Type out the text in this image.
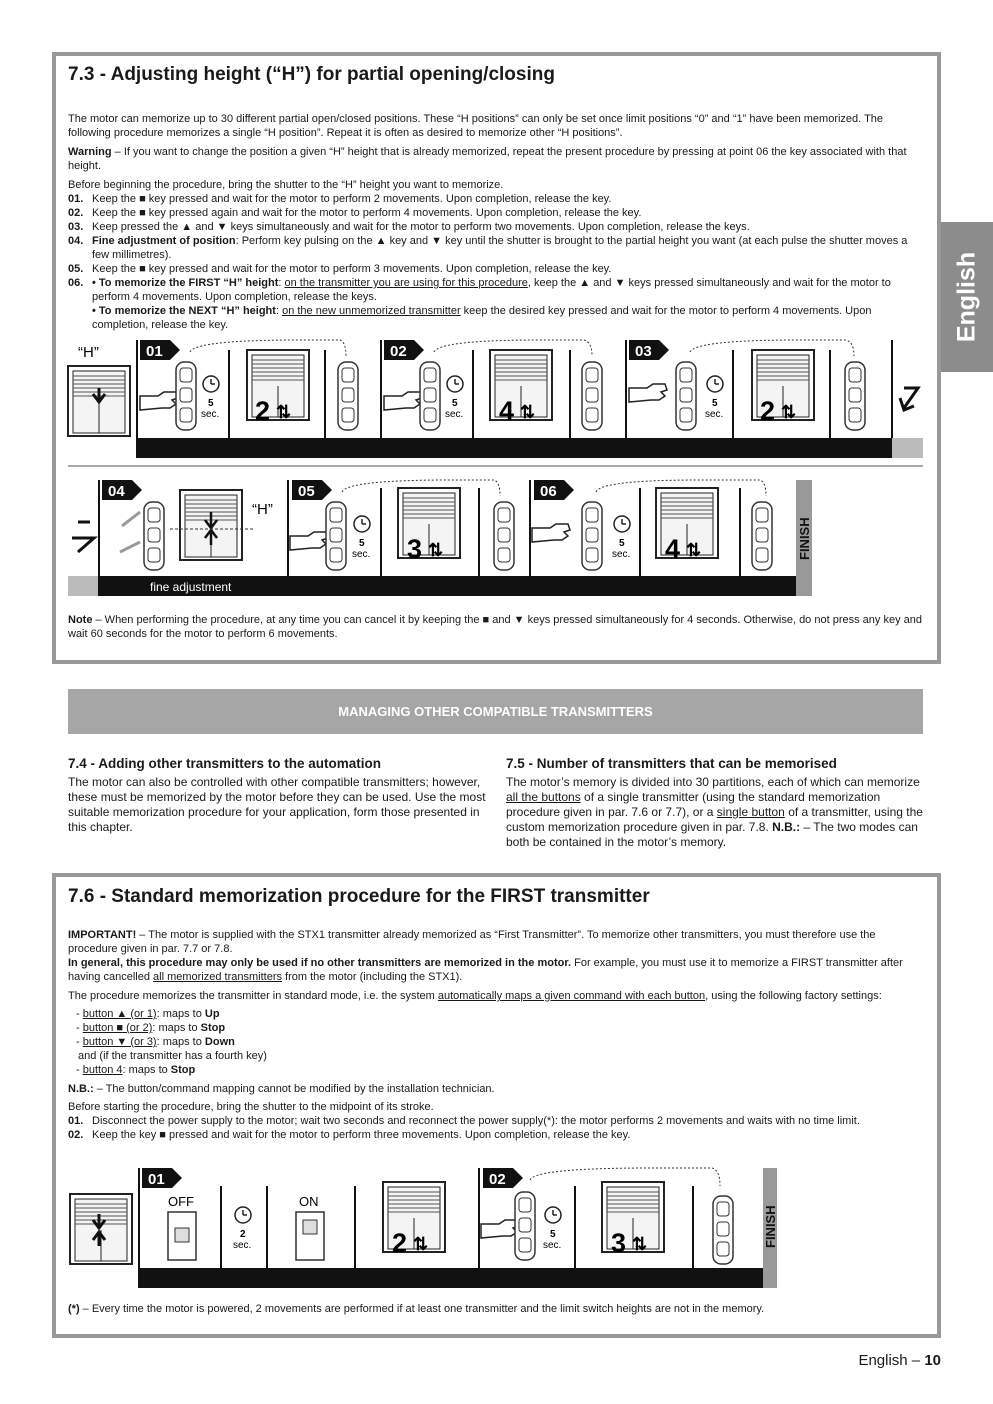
English
7.3 - Adjusting height (“H”) for partial opening/closing

The motor can memorize up to 30 different partial open/closed positions. These “H positions” can only be set once limit positions “0” and “1” have been memorized. The following procedure memorizes a single “H position”. Repeat it is often as desired to memorize other “H positions”.

Warning – If you want to change the position a given “H” height that is already memorized, repeat the present procedure by pressing at point 06 the key associated with that height.

Before beginning the procedure, bring the shutter to the “H” height you want to memorize.

01. Keep the ■ key pressed and wait for the motor to perform 2 movements. Upon completion, release the key.
02. Keep the ■ key pressed again and wait for the motor to perform 4 movements. Upon completion, release the key.
03. Keep pressed the ▲ and ▼ keys simultaneously and wait for the motor to perform two movements. Upon completion, release the keys.
04. Fine adjustment of position: Perform key pulsing on the ▲ key and ▼ key until the shutter is brought to the partial height you want (at each pulse the shutter moves a few millimetres).
05. Keep the ■ key pressed and wait for the motor to perform 3 movements. Upon completion, release the key.
06. • To memorize the FIRST “H” height: on the transmitter you are using for this procedure, keep the ▲ and ▼ keys pressed simultaneously and wait for the motor to perform 4 movements. Upon completion, release the keys.
• To memorize the NEXT “H” height: on the new unmemorized transmitter keep the desired key pressed and wait for the motor to perform 4 movements. Upon completion, release the key.
“H”	01
5
sec. 2 ⇅
02
5
sec. 4 ⇅
03
5
sec. 2 ⇅
fine adjustment
04
“H”
05
5
sec. 3 ⇅
06
5
sec. 4 ⇅	FINISH

Note – When performing the procedure, at any time you can cancel it by keeping the ■ and ▼ keys pressed simultaneously for 4 seconds. Otherwise, do not press any key and wait 60 seconds for the motor to perform 6 movements.

MANAGING OTHER COMPATIBLE TRANSMITTERS
7.4 - Adding other transmitters to the automation

The motor can also be controlled with other compatible transmitters; however, these must be memorized by the motor before they can be used. Use the most suitable memorization procedure for your application, form those presented in this chapter.

7.5 - Number of transmitters that can be memorised

The motor’s memory is divided into 30 partitions, each of which can memorize all the buttons of a single transmitter (using the standard memorization procedure given in par. 7.6 or 7.7), or a single button of a transmitter, using the custom memorization procedure given in par. 7.8. N.B.: – The two modes can both be contained in the motor’s memory.

7.6 - Standard memorization procedure for the FIRST transmitter

IMPORTANT! – The motor is supplied with the STX1 transmitter already memorized as “First Transmitter”. To memorize other transmitters, you must therefore use the procedure given in par. 7.7 or 7.8.

In general, this procedure may only be used if no other transmitters are memorized in the motor. For example, you must use it to memorize a FIRST transmitter after having cancelled all memorized transmitters from the motor (including the STX1).

The procedure memorizes the transmitter in standard mode, i.e. the system automatically maps a given command with each button, using the following factory settings:

- button ▲ (or 1): maps to Up
- button ■ (or 2): maps to Stop
- button ▼ (or 3): maps to Down
and (if the transmitter has a fourth key)
- button 4: maps to Stop

N.B.: – The button/command mapping cannot be modified by the installation technician.

Before starting the procedure, bring the shutter to the midpoint of its stroke.

01. Disconnect the power supply to the motor; wait two seconds and reconnect the power supply(*): the motor performs 2 movements and waits with no time limit.
02. Keep the key ■ pressed and wait for the motor to perform three movements. Upon completion, release the key.
FINISH
01
OFF
2
sec.
ON
2 ⇅
02
5
sec. 3 ⇅

(*) – Every time the motor is powered, 2 movements are performed if at least one transmitter and the limit switch heights are not in the memory.

English – 10
